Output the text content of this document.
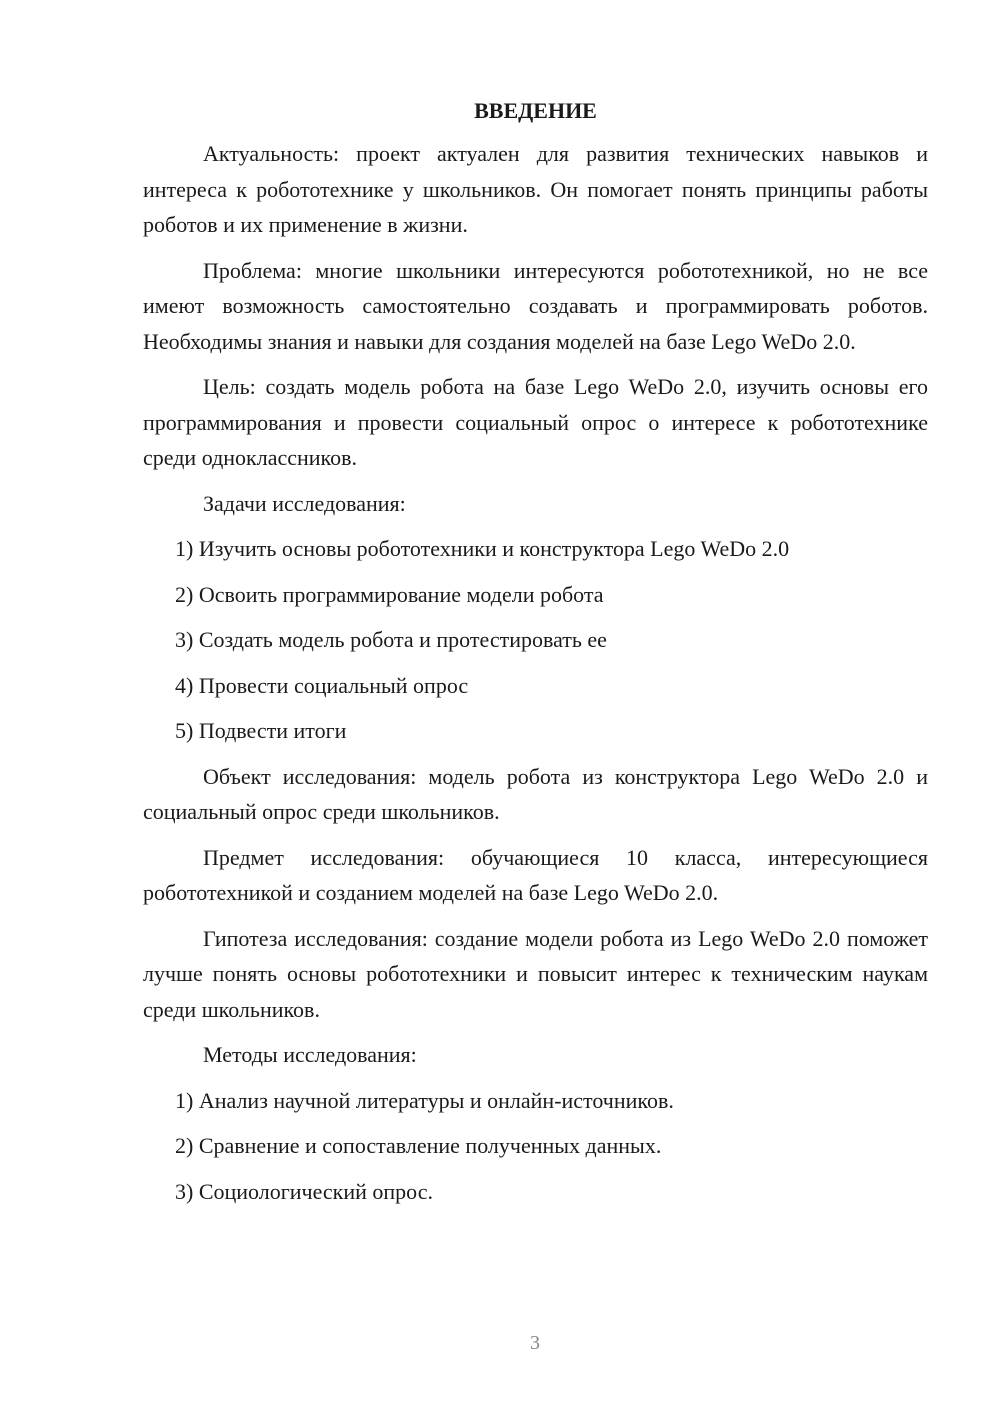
ВВЕДЕНИЕ

Актуальность: проект актуален для развития технических навыков и интереса к робототехнике у школьников. Он помогает понять принципы работы роботов и их применение в жизни.

Проблема: многие школьники интересуются робототехникой, но не все имеют возможность самостоятельно создавать и программировать роботов. Необходимы знания и навыки для создания моделей на базе Lego WeDo 2.0.

Цель: создать модель робота на базе Lego WeDo 2.0, изучить основы его программирования и провести социальный опрос о интересе к робототехнике среди одноклассников.

Задачи исследования:

1) Изучить основы робототехники и конструктора Lego WeDo 2.0
2) Освоить программирование модели робота
3) Создать модель робота и протестировать ее
4) Провести социальный опрос
5) Подвести итоги

Объект исследования: модель робота из конструктора Lego WeDo 2.0 и социальный опрос среди школьников.

Предмет исследования: обучающиеся 10 класса, интересующиеся робототехникой и созданием моделей на базе Lego WeDo 2.0.

Гипотеза исследования: создание модели робота из Lego WeDo 2.0 поможет лучше понять основы робототехники и повысит интерес к техническим наукам среди школьников.

Методы исследования:

1) Анализ научной литературы и онлайн-источников.
2) Сравнение и сопоставление полученных данных.
3) Социологический опрос.
3
